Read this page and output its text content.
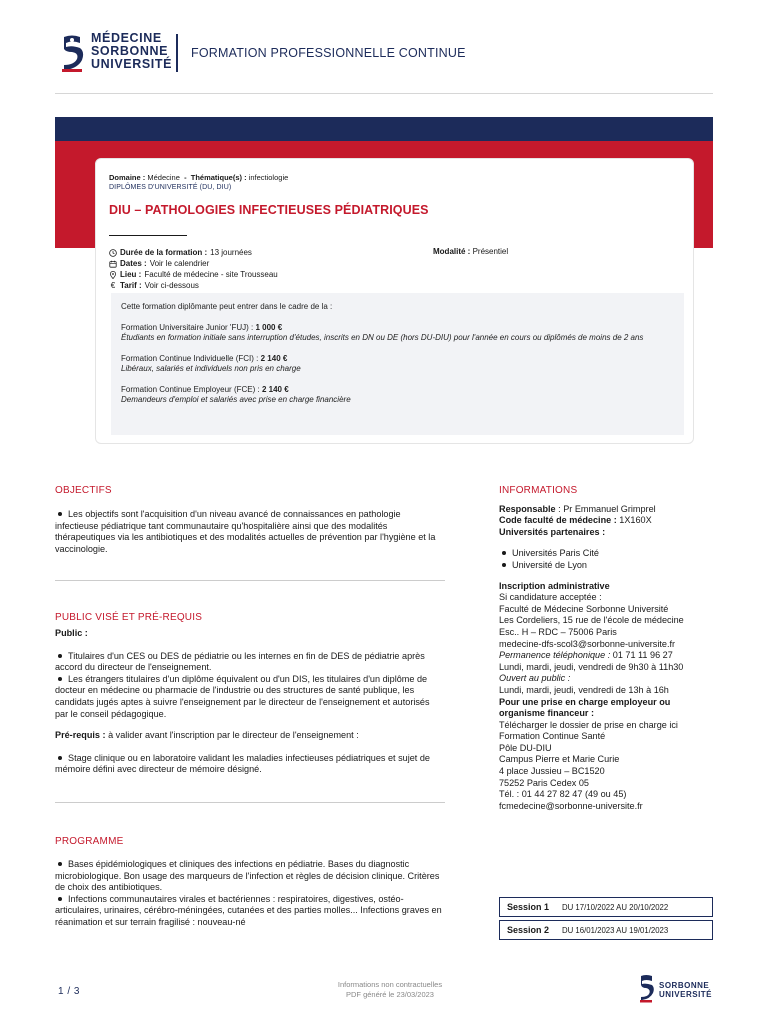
MÉDECINE
SORBONNE
UNIVERSITÉ
FORMATION PROFESSIONNELLE CONTINUE
Domaine : Médecine - Thématique(s) : infectiologie
DIPLÔMES D'UNIVERSITÉ (DU, DIU)
DIU – PATHOLOGIES INFECTIEUSES PÉDIATRIQUES
Durée de la formation : 13 journées
Dates : Voir le calendrier
Lieu : Faculté de médecine - site Trousseau
€ Tarif : Voir ci-dessous
Modalité : Présentiel

Cette formation diplômante peut entrer dans le cadre de la :

Formation Universitaire Junior 'FUJ) : 1 000 €

Étudiants en formation initiale sans interruption d'études, inscrits en DN ou DE (hors DU-DIU) pour l'année en cours ou diplômés de moins de 2 ans

Formation Continue Individuelle (FCI) : 2 140 €

Libéraux, salariés et individuels non pris en charge

Formation Continue Employeur (FCE) : 2 140 €

Demandeurs d'emploi et salariés avec prise en charge financière

OBJECTIFS
Les objectifs sont l'acquisition d'un niveau avancé de connaissances en pathologie infectieuse pédiatrique tant communautaire qu'hospitalière ainsi que des modalités thérapeutiques via les antibiotiques et des modalités actuelles de prévention par l'hygiène et la vaccinologie.
PUBLIC VISÉ ET PRÉ-REQUIS
Public :
Titulaires d'un CES ou DES de pédiatrie ou les internes en fin de DES de pédiatrie après accord du directeur de l'enseignement.
Les étrangers titulaires d'un diplôme équivalent ou d'un DIS, les titulaires d'un diplôme de docteur en médecine ou pharmacie de l'industrie ou des structures de santé publique, les candidats jugés aptes à suivre l'enseignement par le directeur de l'enseignement et autorisés par le conseil pédagogique.
Pré-requis : à valider avant l'inscription par le directeur de l'enseignement :
Stage clinique ou en laboratoire validant les maladies infectieuses pédiatriques et sujet de mémoire défini avec directeur de mémoire désigné.
PROGRAMME
Bases épidémiologiques et cliniques des infections en pédiatrie. Bases du diagnostic microbiologique. Bon usage des marqueurs de l'infection et règles de décision clinique. Critères de choix des antibiotiques.
Infections communautaires virales et bactériennes : respiratoires, digestives, ostéo-articulaires, urinaires, cérébro-méningées, cutanées et des parties molles... Infections graves en réanimation et sur terrain fragilisé : nouveau-né
INFORMATIONS
Responsable : Pr Emmanuel Grimprel
Code faculté de médecine : 1X160X
Universités partenaires :
Universités Paris Cité
Université de Lyon
Inscription administrative
Si candidature acceptée :
Faculté de Médecine Sorbonne Université
Les Cordeliers, 15 rue de l'école de médecine
Esc.. H – RDC – 75006 Paris
medecine-dfs-scol3@sorbonne-universite.fr
Permanence téléphonique : 01 71 11 96 27
Lundi, mardi, jeudi, vendredi de 9h30 à 11h30
Ouvert au public :
Lundi, mardi, jeudi, vendredi de 13h à 16h
Pour une prise en charge employeur ou organisme financeur :
Télécharger le dossier de prise en charge ici
Formation Continue Santé
Pôle DU-DIU
Campus Pierre et Marie Curie
4 place Jussieu – BC1520
75252 Paris Cedex 05
Tél. : 01 44 27 82 47 (49 ou 45)
fcmedecine@sorbonne-universite.fr
Session 1	DU 17/10/2022 AU 20/10/2022
Session 2	DU 16/01/2023 AU 19/01/2023
1 / 3
Informations non contractuelles
PDF généré le 23/03/2023
SORBONNE
UNIVERSITÉ
